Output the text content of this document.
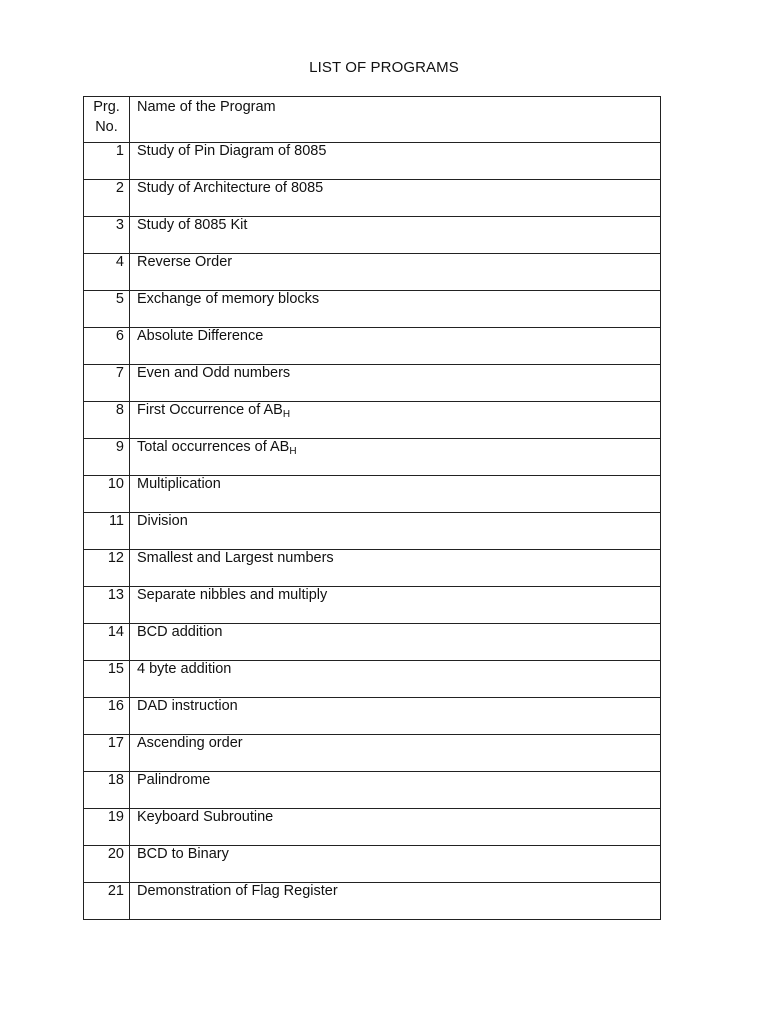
LIST OF PROGRAMS
Prg.
No.	Name of the Program
1	Study of Pin Diagram of 8085
2	Study of Architecture of 8085
3	Study of 8085 Kit
4	Reverse Order
5	Exchange of memory blocks
6	Absolute Difference
7	Even and Odd numbers
8	First Occurrence of $AB_H$
9	Total occurrences of $AB_H$
10	Multiplication
11	Division
12	Smallest and Largest numbers
13	Separate nibbles and multiply
14	BCD addition
15	4 byte addition
16	DAD instruction
17	Ascending order
18	Palindrome
19	Keyboard Subroutine
20	BCD to Binary
21	Demonstration of Flag Register
